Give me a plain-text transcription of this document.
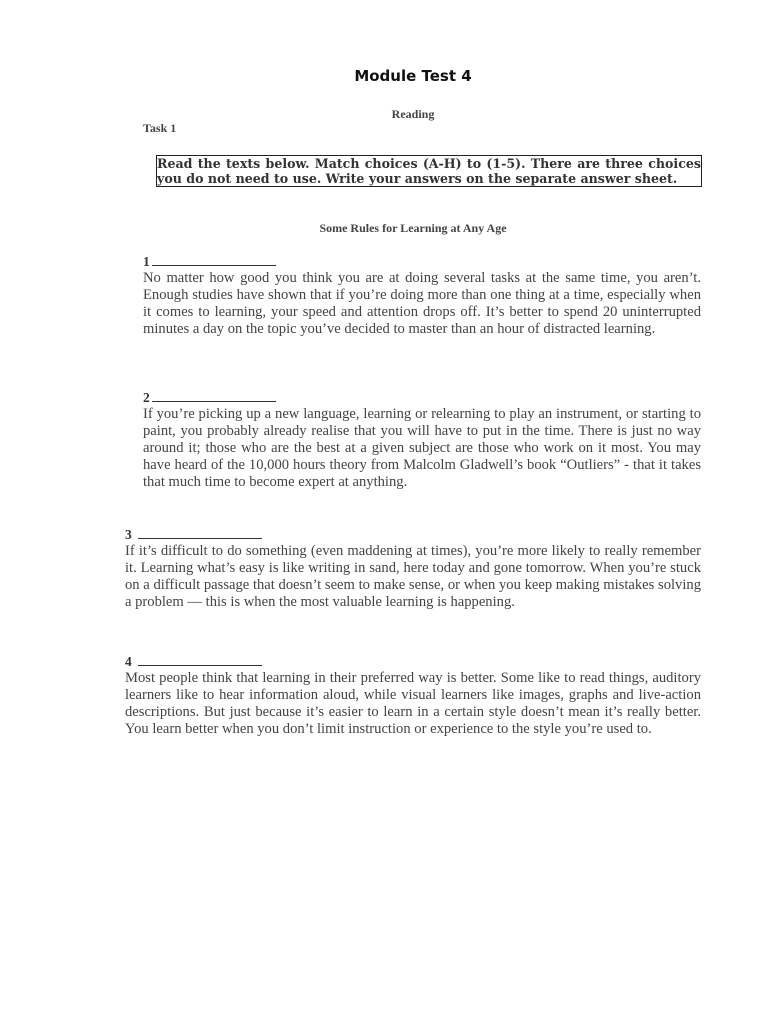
Module Test 4
Reading
Task 1
Read the texts below. Match choices (A-H) to (1-5). There are three choices you do not need to use. Write your answers on the separate answer sheet.
Some Rules for Learning at Any Age
1
No matter how good you think you are at doing several tasks at the same time, you aren’t. Enough studies have shown that if you’re doing more than one thing at a time, especially when it comes to learning, your speed and attention drops off. It’s better to spend 20 uninterrupted minutes a day on the topic you’ve decided to master than an hour of distracted learning.
2
If you’re picking up a new language, learning or relearning to play an instrument, or starting to paint, you probably already realise that you will have to put in the time. There is just no way around it; those who are the best at a given subject are those who work on it most. You may have heard of the 10,000 hours theory from Malcolm Gladwell’s book “Outliers” - that it takes that much time to become expert at anything.
3
If it’s difficult to do something (even maddening at times), you’re more likely to really remember it. Learning what’s easy is like writing in sand, here today and gone tomorrow. When you’re stuck on a difficult passage that doesn’t seem to make sense, or when you keep making mistakes solving a problem — this is when the most valuable learning is happening.
4
Most people think that learning in their preferred way is better. Some like to read things, auditory learners like to hear information aloud, while visual learners like images, graphs and live-action descriptions. But just because it’s easier to learn in a certain style doesn’t mean it’s really better. You learn better when you don’t limit instruction or experience to the style you’re used to.
